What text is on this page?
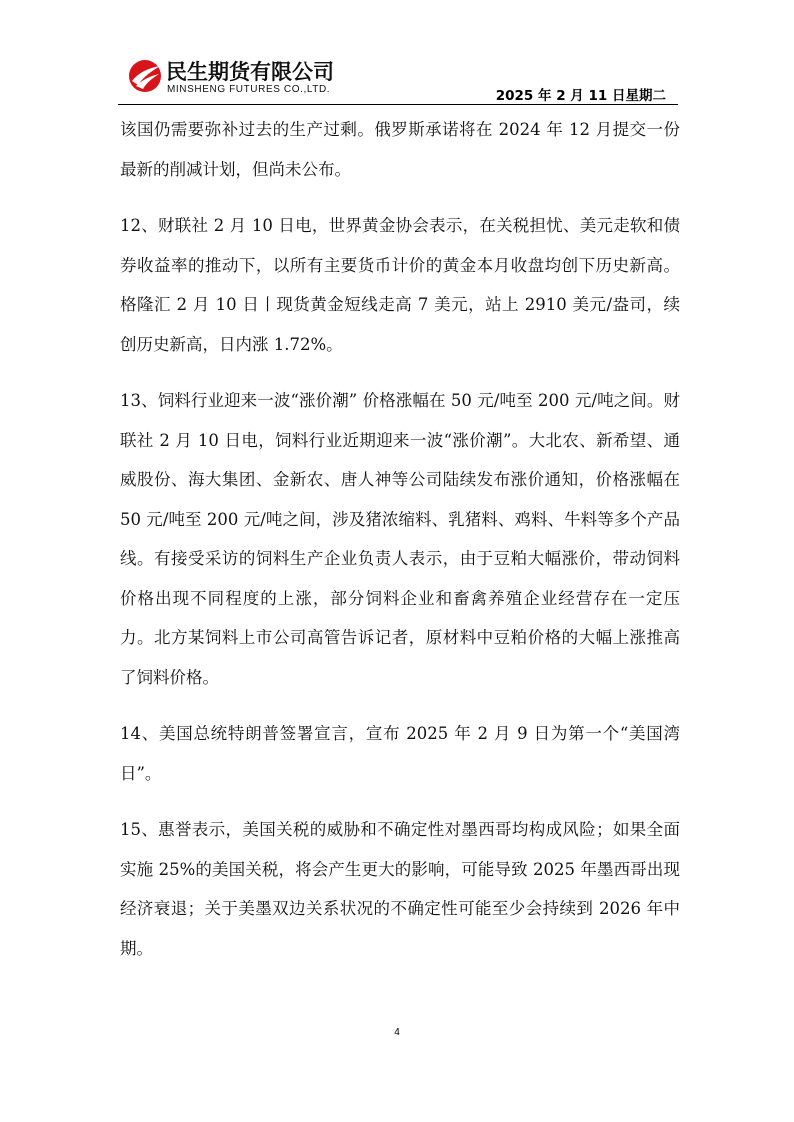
民生期货有限公司
MINSHENG FUTURES CO.,LTD.	2025 年 2 月 11 日星期二

该国仍需要弥补过去的生产过剩。俄罗斯承诺将在 2024 年 12 月提交一份最新的削减计划，但尚未公布。

12、财联社 2 月 10 日电，世界黄金协会表示，在关税担忧、美元走软和债券收益率的推动下，以所有主要货币计价的黄金本月收盘均创下历史新高。格隆汇 2 月 10 日丨现货黄金短线走高 7 美元，站上 2910 美元/盎司，续创历史新高，日内涨 1.72%。

13、饲料行业迎来一波“涨价潮” 价格涨幅在 50 元/吨至 200 元/吨之间。财联社 2 月 10 日电，饲料行业近期迎来一波“涨价潮”。大北农、新希望、通威股份、海大集团、金新农、唐人神等公司陆续发布涨价通知，价格涨幅在 50 元/吨至 200 元/吨之间，涉及猪浓缩料、乳猪料、鸡料、牛料等多个产品线。有接受采访的饲料生产企业负责人表示，由于豆粕大幅涨价，带动饲料价格出现不同程度的上涨，部分饲料企业和畜禽养殖企业经营存在一定压力。北方某饲料上市公司高管告诉记者，原材料中豆粕价格的大幅上涨推高了饲料价格。

14、美国总统特朗普签署宣言，宣布 2025 年 2 月 9 日为第一个“美国湾日”。

15、惠誉表示，美国关税的威胁和不确定性对墨西哥均构成风险；如果全面实施 25%的美国关税，将会产生更大的影响，可能导致 2025 年墨西哥出现经济衰退；关于美墨双边关系状况的不确定性可能至少会持续到 2026 年中期。

4
